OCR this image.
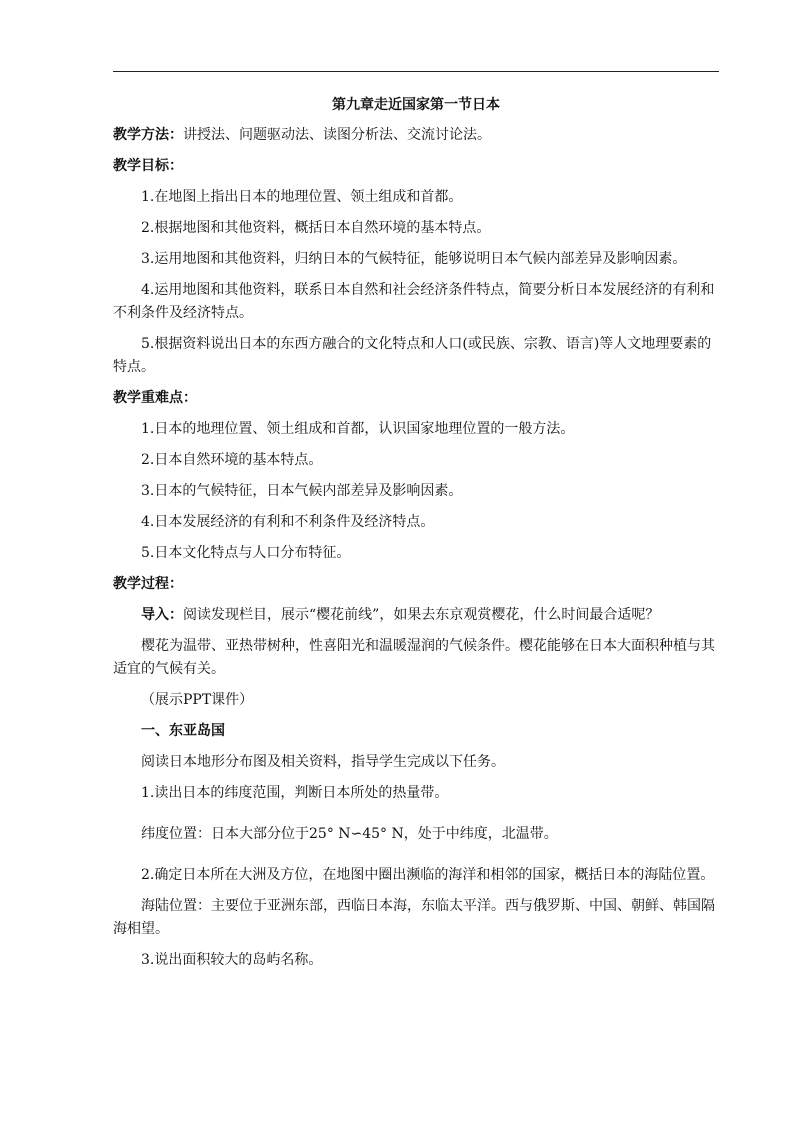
第九章走近国家第一节日本

教学方法：讲授法、问题驱动法、读图分析法、交流讨论法。

教学目标：

1.在地图上指出日本的地理位置、领土组成和首都。

2.根据地图和其他资料，概括日本自然环境的基本特点。

3.运用地图和其他资料，归纳日本的气候特征，能够说明日本气候内部差异及影响因素。

4.运用地图和其他资料，联系日本自然和社会经济条件特点，简要分析日本发展经济的有利和不利条件及经济特点。

5.根据资料说出日本的东西方融合的文化特点和人口(或民族、宗教、语言)等人文地理要素的特点。

教学重难点：

1.日本的地理位置、领土组成和首都，认识国家地理位置的一般方法。

2.日本自然环境的基本特点。

3.日本的气候特征，日本气候内部差异及影响因素。

4.日本发展经济的有利和不利条件及经济特点。

5.日本文化特点与人口分布特征。

教学过程：

导入：阅读发现栏目，展示“樱花前线”，如果去东京观赏樱花，什么时间最合适呢？

樱花为温带、亚热带树种，性喜阳光和温暖湿润的气候条件。樱花能够在日本大面积种植与其适宜的气候有关。

（展示PPT课件）

一、东亚岛国

阅读日本地形分布图及相关资料，指导学生完成以下任务。

1.读出日本的纬度范围，判断日本所处的热量带。

纬度位置：日本大部分位于25° N∽45° N，处于中纬度，北温带。

2.确定日本所在大洲及方位，在地图中圈出濒临的海洋和相邻的国家，概括日本的海陆位置。

海陆位置：主要位于亚洲东部，西临日本海，东临太平洋。西与俄罗斯、中国、朝鲜、韩国隔海相望。

3.说出面积较大的岛屿名称。
